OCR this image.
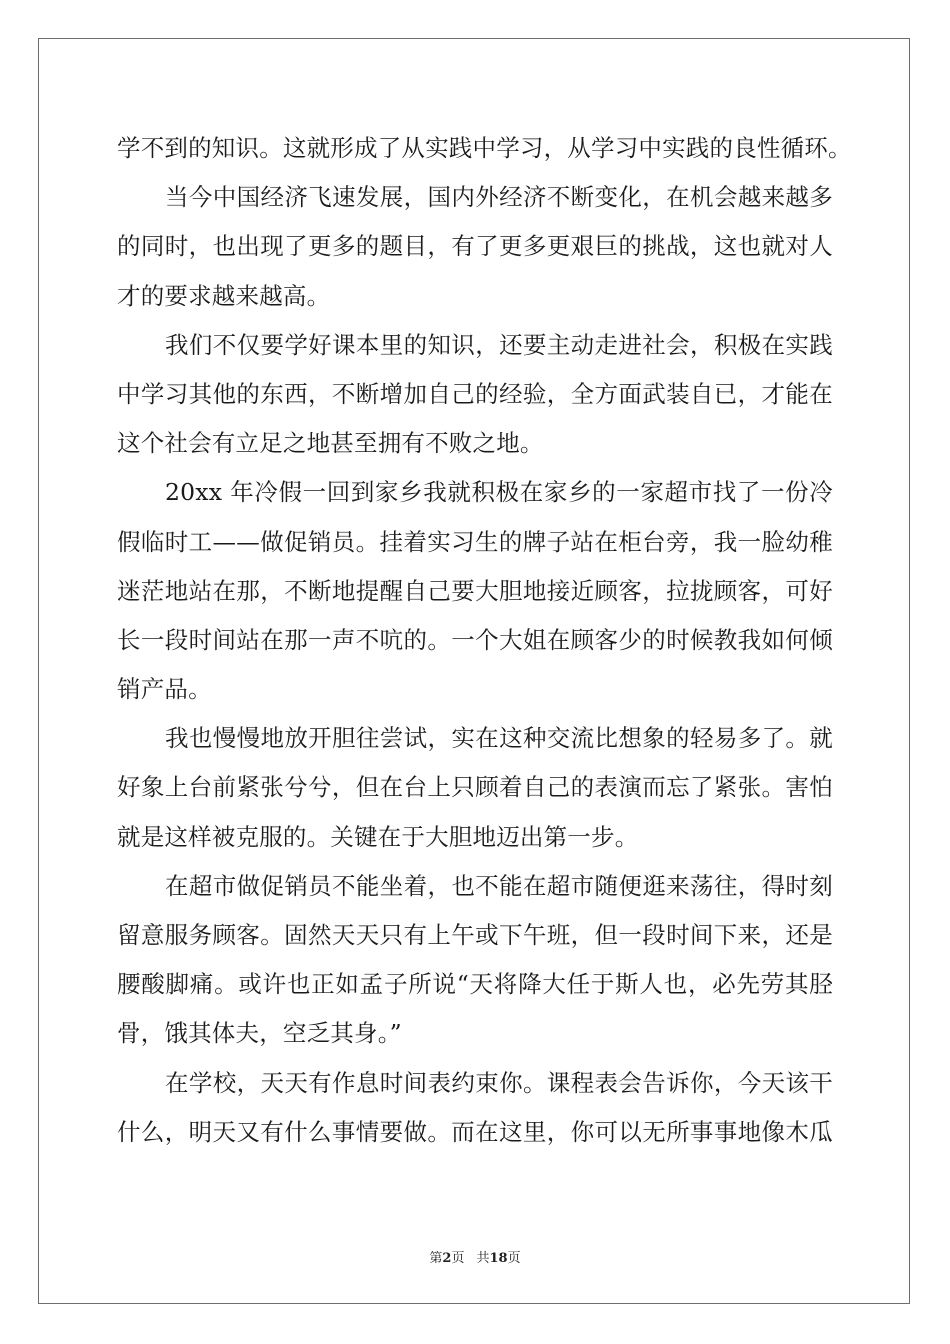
学不到的知识。这就形成了从实践中学习，从学习中实践的良性循环。
当今中国经济飞速发展，国内外经济不断变化，在机会越来越多
的同时，也出现了更多的题目，有了更多更艰巨的挑战，这也就对人
才的要求越来越高。
我们不仅要学好课本里的知识，还要主动走进社会，积极在实践
中学习其他的东西，不断增加自己的经验，全方面武装自已，才能在
这个社会有立足之地甚至拥有不败之地。
20xx 年冷假一回到家乡我就积极在家乡的一家超市找了一份冷
假临时工——做促销员。挂着实习生的牌子站在柜台旁，我一脸幼稚
迷茫地站在那，不断地提醒自己要大胆地接近顾客，拉拢顾客，可好
长一段时间站在那一声不吭的。一个大姐在顾客少的时候教我如何倾
销产品。
我也慢慢地放开胆往尝试，实在这种交流比想象的轻易多了。就
好象上台前紧张兮兮，但在台上只顾着自己的表演而忘了紧张。害怕
就是这样被克服的。关键在于大胆地迈出第一步。
在超市做促销员不能坐着，也不能在超市随便逛来荡往，得时刻
留意服务顾客。固然天天只有上午或下午班，但一段时间下来，还是
腰酸脚痛。或许也正如孟子所说“天将降大任于斯人也，必先劳其胫
骨，饿其体夫，空乏其身。”
在学校，天天有作息时间表约束你。课程表会告诉你，今天该干
什么，明天又有什么事情要做。而在这里，你可以无所事事地像木瓜
第2页 共18页
